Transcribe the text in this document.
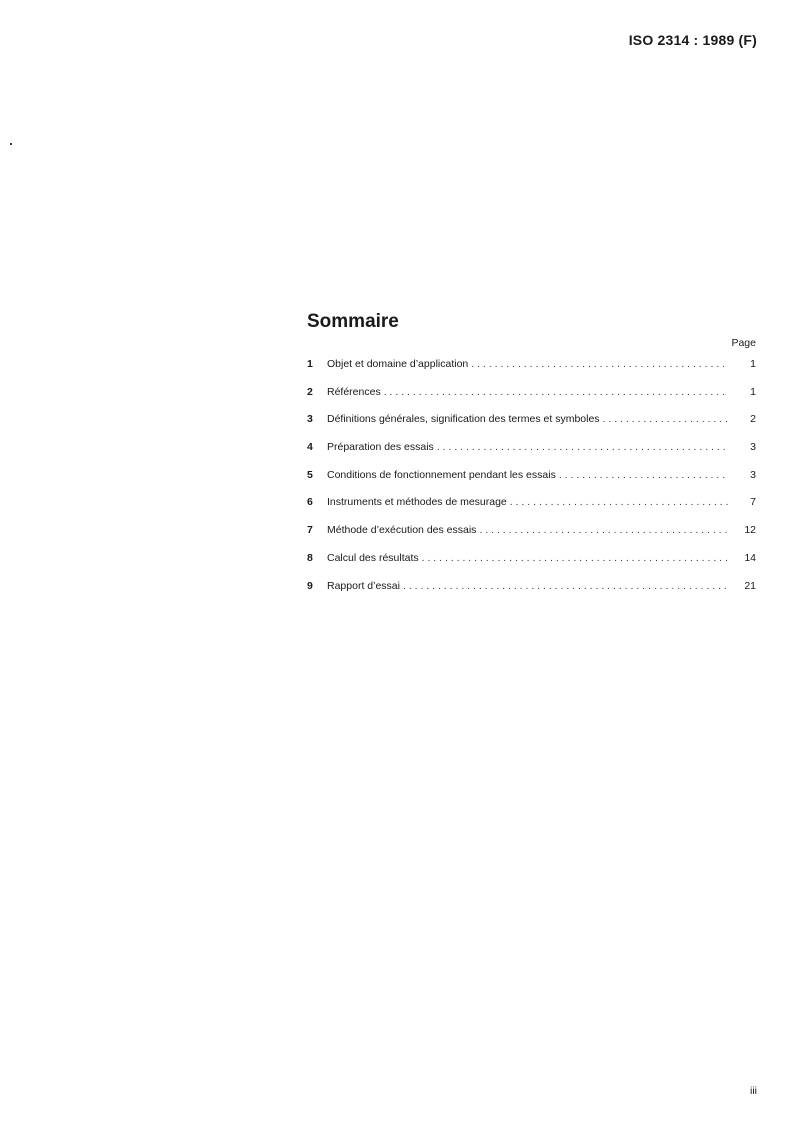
ISO 2314 : 1989 (F)
Sommaire
Page
1	Objet et domaine d’application . . .	1
2	Références . . .	1
3	Définitions générales, signification des termes et symboles . . .	2
4	Préparation des essais . . .	3
5	Conditions de fonctionnement pendant les essais . . .	3
6	Instruments et méthodes de mesurage . . .	7
7	Méthode d’exécution des essais . . .	12
8	Calcul des résultats . . .	14
9	Rapport d’essai . . .	21
iii
